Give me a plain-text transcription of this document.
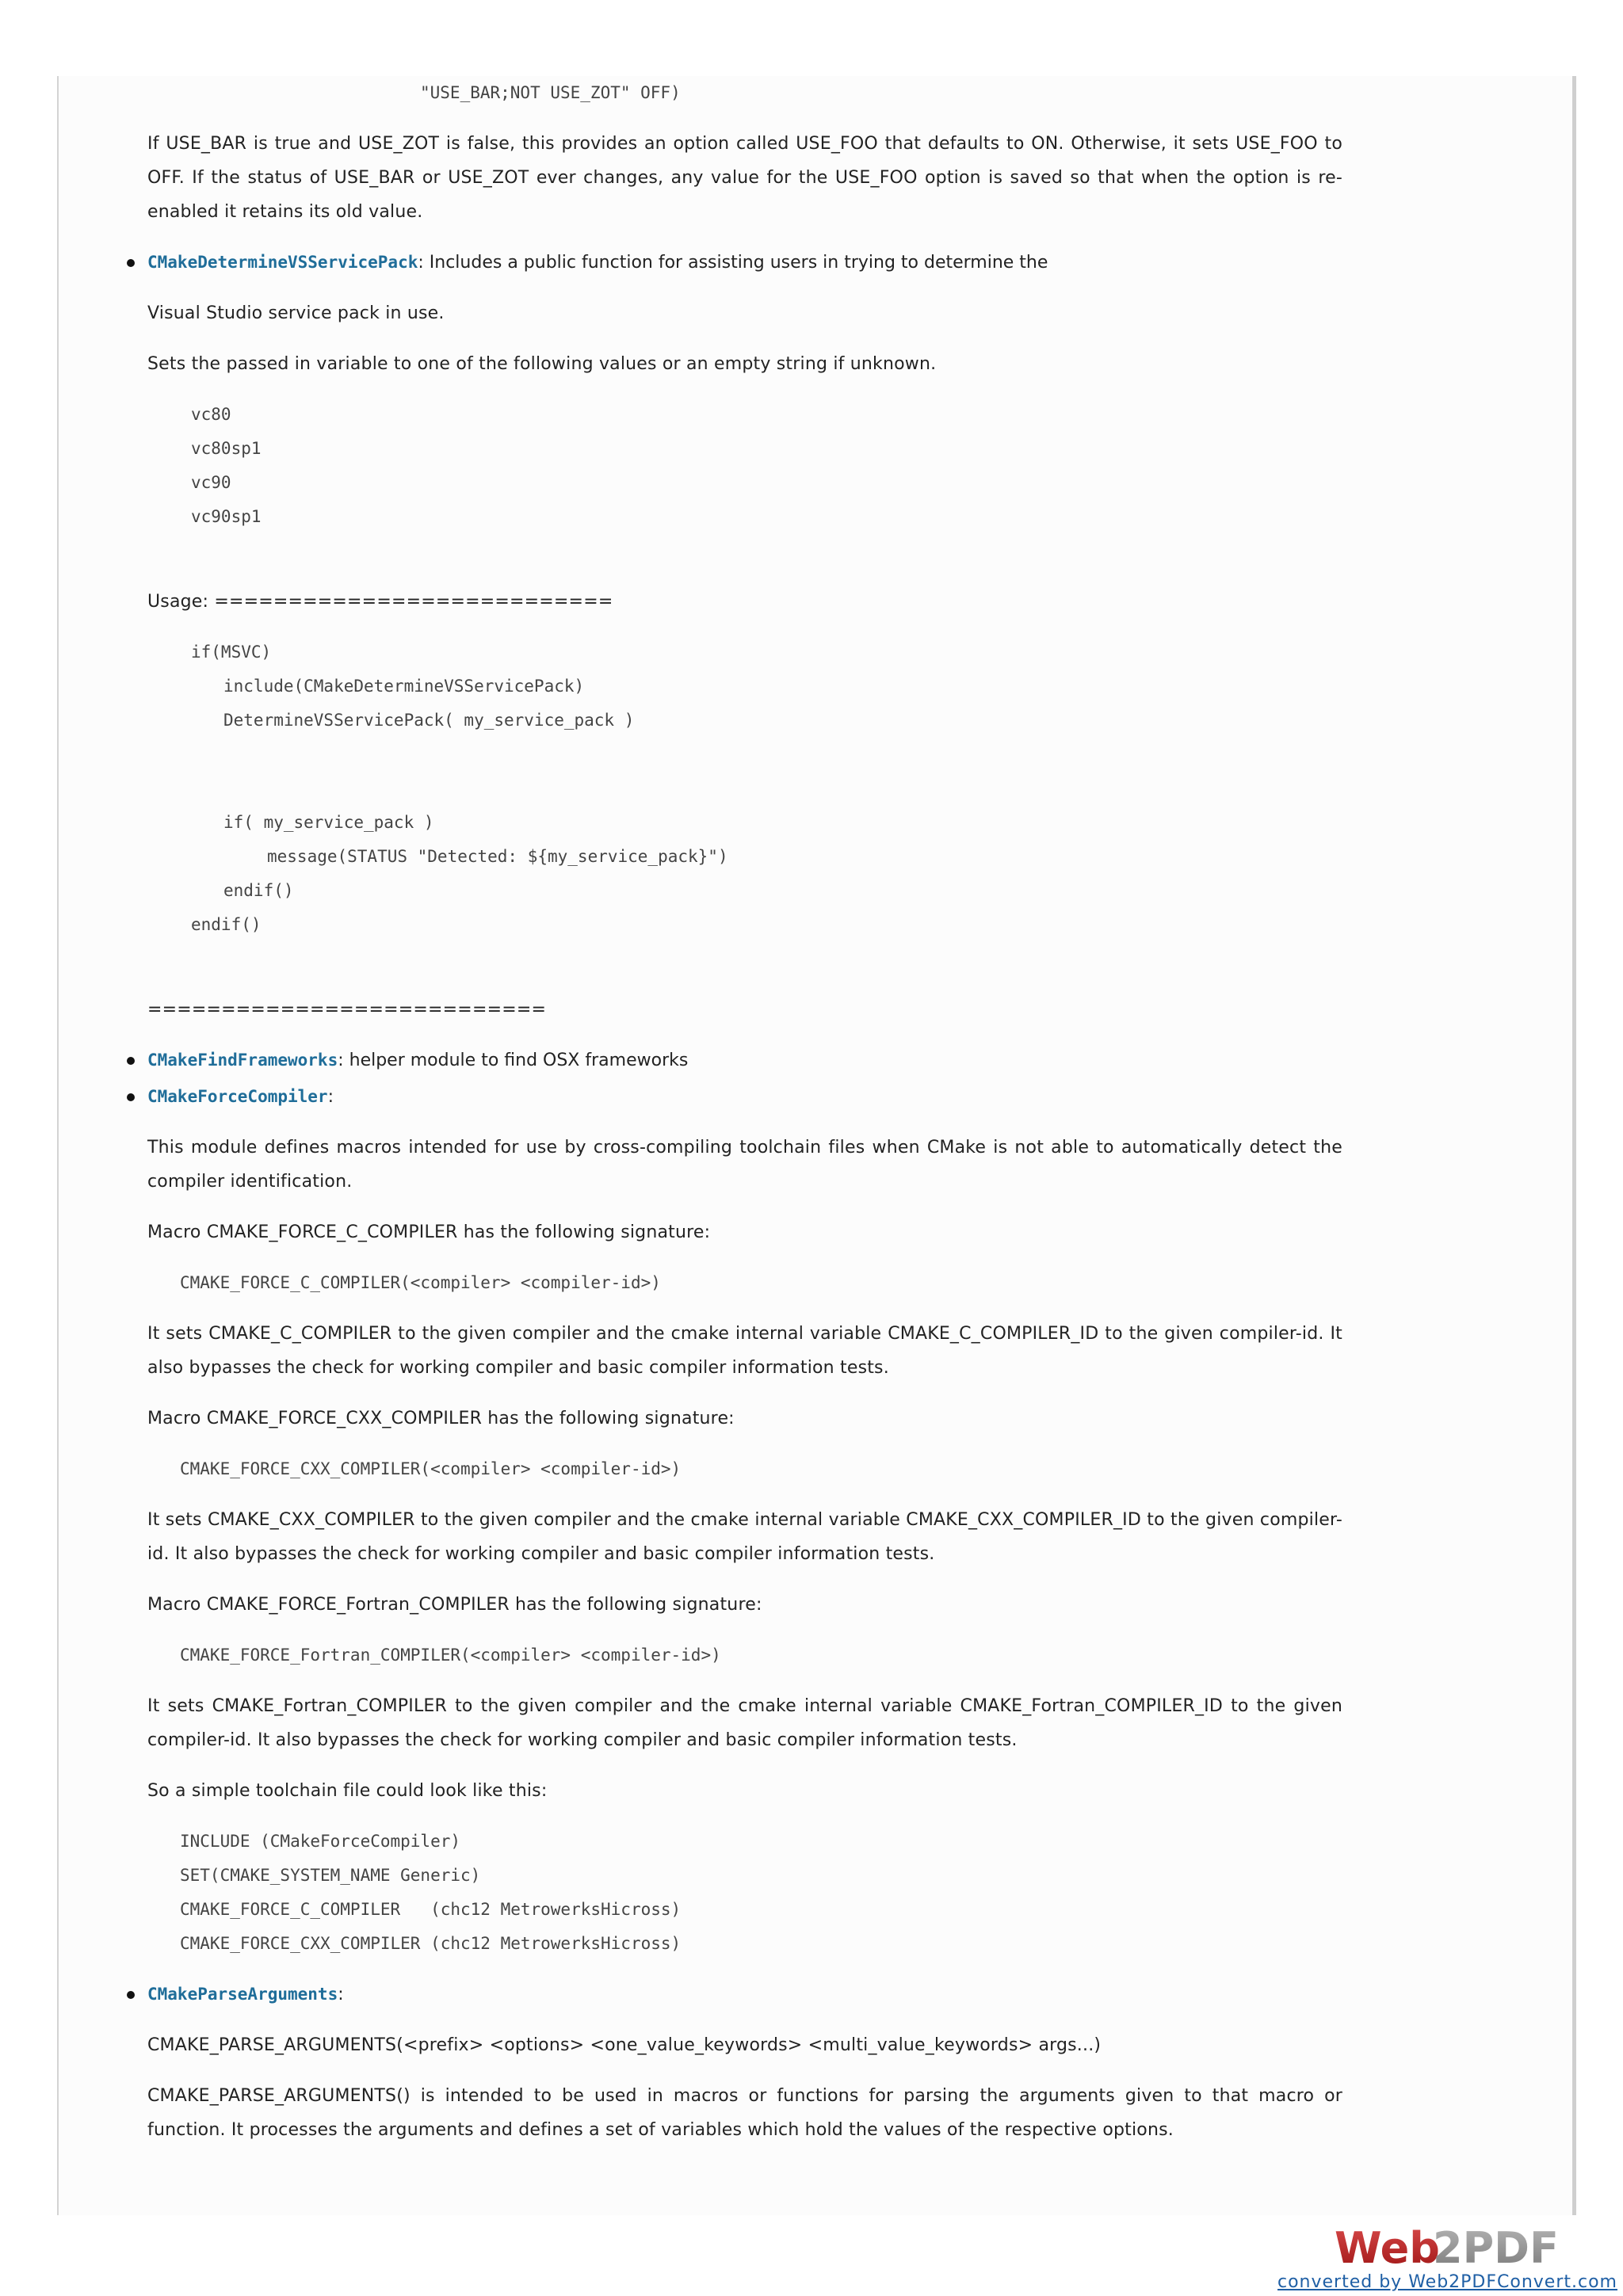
"USE_BAR;NOT USE_ZOT" OFF)

If USE_BAR is true and USE_ZOT is false, this provides an option called USE_FOO that defaults to ON. Otherwise, it sets USE_FOO to OFF. If the status of USE_BAR or USE_ZOT ever changes, any value for the USE_FOO option is saved so that when the option is re-enabled it retains its old value.

CMakeDetermineVSServicePack: Includes a public function for assisting users in trying to determine the

Visual Studio service pack in use.

Sets the passed in variable to one of the following values or an empty string if unknown.

vc80
vc80sp1
vc90
vc90sp1

Usage: ===========================

if(MSVC)
include(CMakeDetermineVSServicePack)
DetermineVSServicePack( my_service_pack )
if( my_service_pack )
message(STATUS "Detected: ${my_service_pack}")
endif()
endif()

===========================

CMakeFindFrameworks: helper module to find OSX frameworks
CMakeForceCompiler:

This module defines macros intended for use by cross-compiling toolchain files when CMake is not able to automatically detect the compiler identification.

Macro CMAKE_FORCE_C_COMPILER has the following signature:

CMAKE_FORCE_C_COMPILER(<compiler> <compiler-id>)

It sets CMAKE_C_COMPILER to the given compiler and the cmake internal variable CMAKE_C_COMPILER_ID to the given compiler-id. It also bypasses the check for working compiler and basic compiler information tests.

Macro CMAKE_FORCE_CXX_COMPILER has the following signature:

CMAKE_FORCE_CXX_COMPILER(<compiler> <compiler-id>)

It sets CMAKE_CXX_COMPILER to the given compiler and the cmake internal variable CMAKE_CXX_COMPILER_ID to the given compiler-id. It also bypasses the check for working compiler and basic compiler information tests.

Macro CMAKE_FORCE_Fortran_COMPILER has the following signature:

CMAKE_FORCE_Fortran_COMPILER(<compiler> <compiler-id>)

It sets CMAKE_Fortran_COMPILER to the given compiler and the cmake internal variable CMAKE_Fortran_COMPILER_ID to the given compiler-id. It also bypasses the check for working compiler and basic compiler information tests.

So a simple toolchain file could look like this:

INCLUDE (CMakeForceCompiler)
SET(CMAKE_SYSTEM_NAME Generic)
CMAKE_FORCE_C_COMPILER   (chc12 MetrowerksHicross)
CMAKE_FORCE_CXX_COMPILER (chc12 MetrowerksHicross)
CMakeParseArguments:

CMAKE_PARSE_ARGUMENTS(<prefix> <options> <one_value_keywords> <multi_value_keywords> args...)

CMAKE_PARSE_ARGUMENTS() is intended to be used in macros or functions for parsing the arguments given to that macro or function. It processes the arguments and defines a set of variables which hold the values of the respective options.

Web
2PDF
converted by Web2PDFConvert.com
